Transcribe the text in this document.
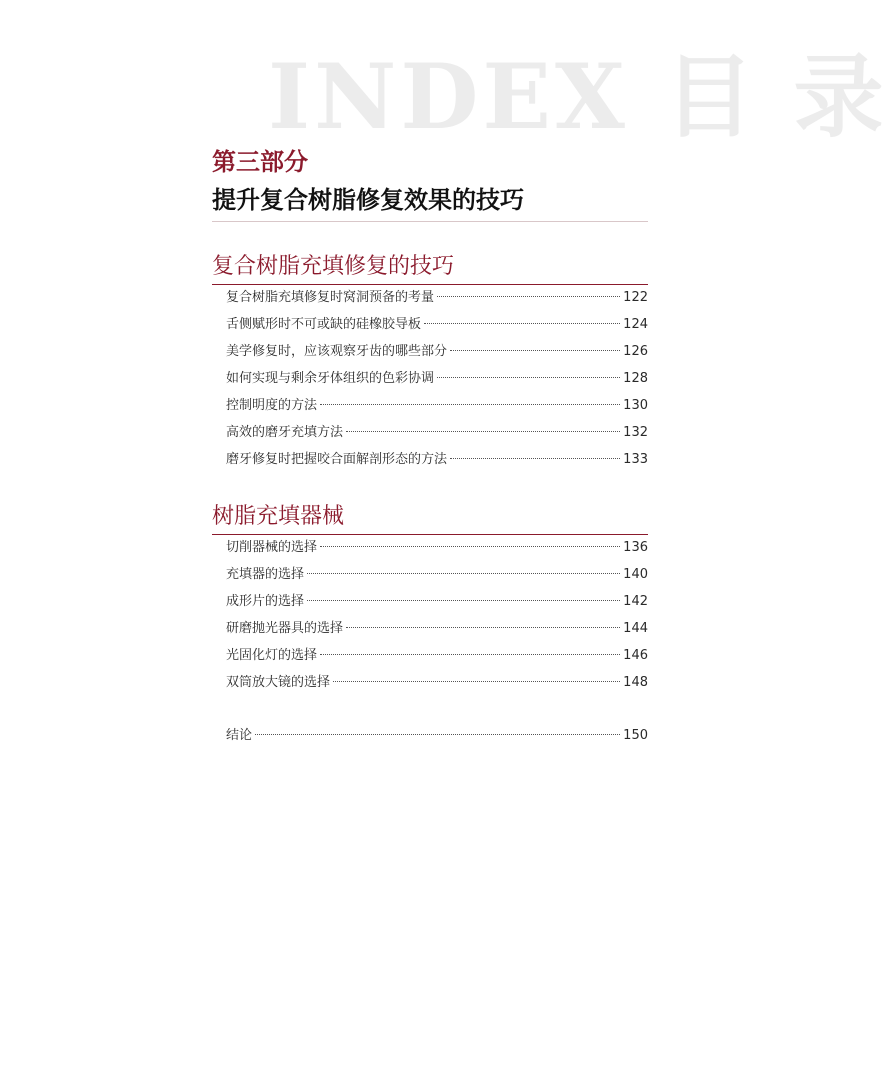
INDEX 目 录
第三部分
提升复合树脂修复效果的技巧
复合树脂充填修复的技巧
复合树脂充填修复时窝洞预备的考量	122
舌侧赋形时不可或缺的硅橡胶导板	124
美学修复时，应该观察牙齿的哪些部分	126
如何实现与剩余牙体组织的色彩协调	128
控制明度的方法	130
高效的磨牙充填方法	132
磨牙修复时把握咬合面解剖形态的方法	133
树脂充填器械
切削器械的选择	136
充填器的选择	140
成形片的选择	142
研磨抛光器具的选择	144
光固化灯的选择	146
双筒放大镜的选择	148
结论	150
